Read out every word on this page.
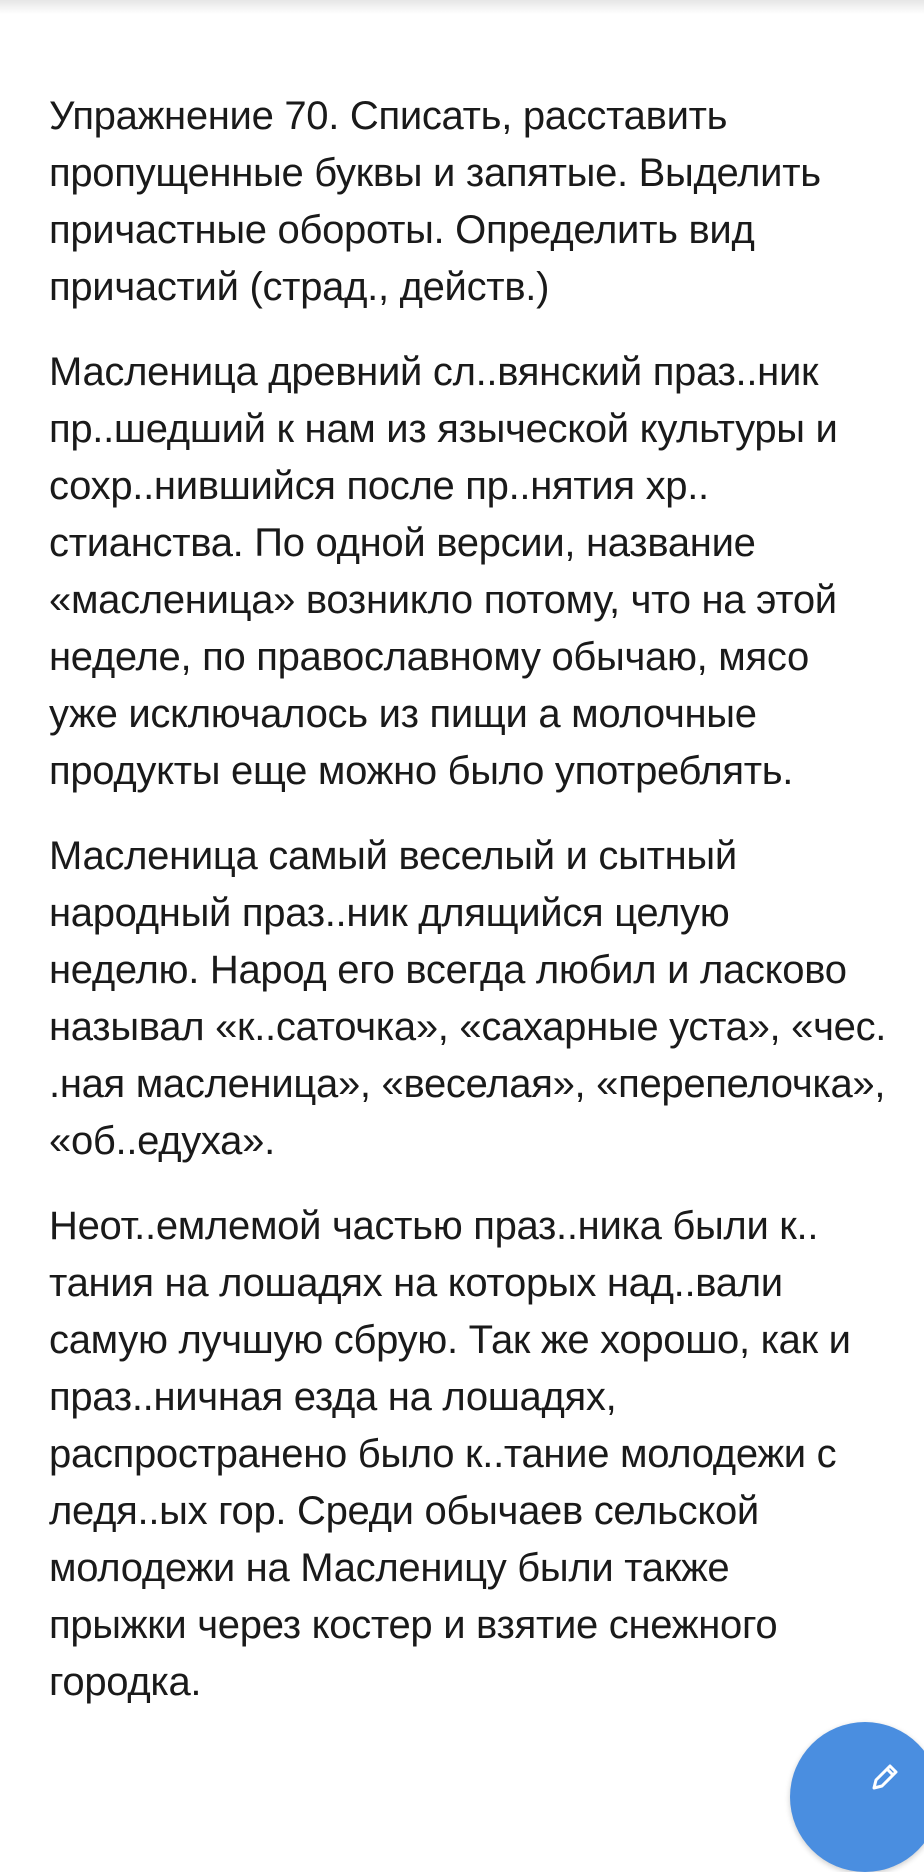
Упражнение 70. Списать, расставить
пропущенные буквы и запятые. Выделить
причастные обороты. Определить вид
причастий (страд., действ.)
Масленица древний сл..вянский праз..ник
пр..шедший к нам из языческой культуры и
сохр..нившийся после пр..нятия хр..
стианства. По одной версии, название
«масленица» возникло потому, что на этой
неделе, по православному обычаю, мясо
уже исключалось из пищи а молочные
продукты еще можно было употреблять.
Масленица самый веселый и сытный
народный праз..ник длящийся целую
неделю. Народ его всегда любил и ласково
называл «к..саточка», «сахарные уста», «чес.
.ная масленица», «веселая», «перепелочка»,
«об..едуха».
Неот..емлемой частью праз..ника были к..
тания на лошадях на которых над..вали
самую лучшую сбрую. Так же хорошо, как и
праз..ничная езда на лошадях,
распространено было к..тание молодежи с
ледя..ых гор. Среди обычаев сельской
молодежи на Масленицу были также
прыжки через костер и взятие снежного
городка.
